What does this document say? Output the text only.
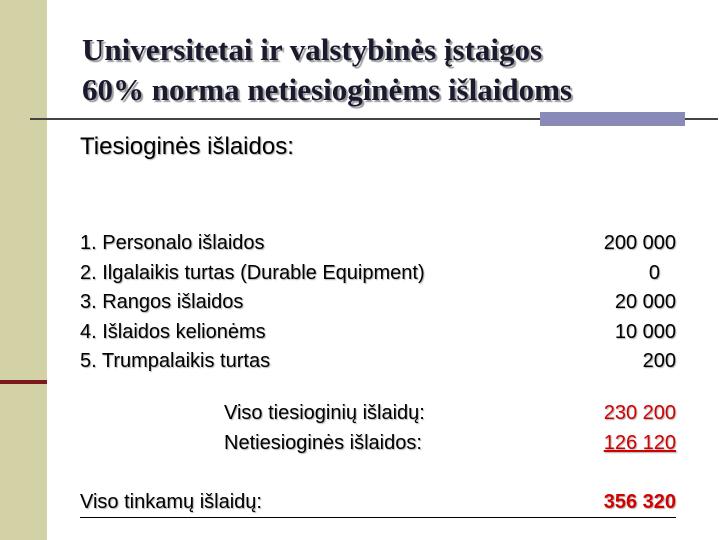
Universitetai ir valstybinės įstaigos
60% norma netiesioginėms išlaidoms
Tiesioginės išlaidos:
1. Personalo išlaidos
2. Ilgalaikis turtas (Durable Equipment)
3. Rangos išlaidos
4. Išlaidos kelionėms
5. Trumpalaikis turtas
200 000
0
20 000
10 000
200
Viso tiesioginių išlaidų:
Netiesioginės išlaidos:
230 200
126 120
Viso tinkamų išlaidų:	356 320
